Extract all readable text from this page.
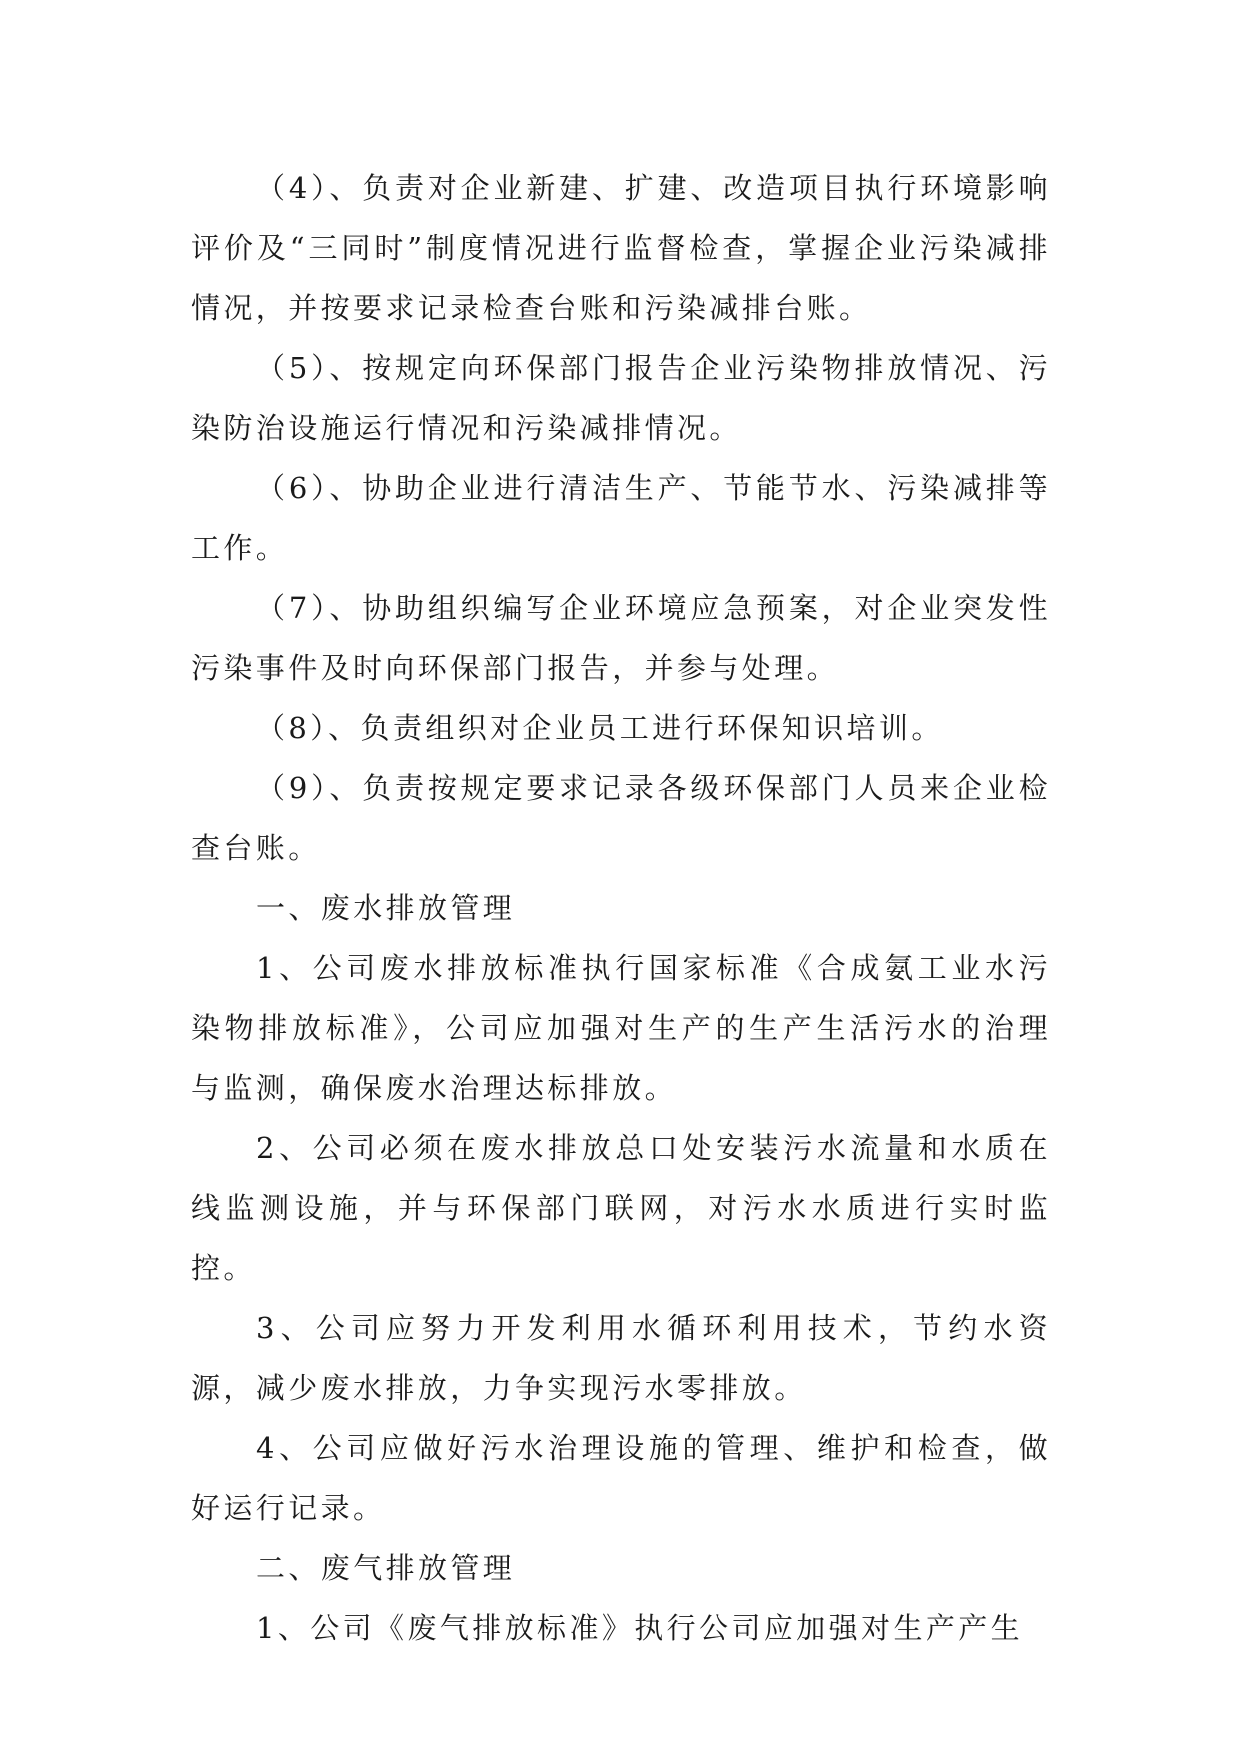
（4）、负责对企业新建、扩建、改造项目执行环境影响评价及“三同时”制度情况进行监督检查，掌握企业污染减排情况，并按要求记录检查台账和污染减排台账。

（5）、按规定向环保部门报告企业污染物排放情况、污染防治设施运行情况和污染减排情况。

（6）、协助企业进行清洁生产、节能节水、污染减排等工作。

（7）、协助组织编写企业环境应急预案，对企业突发性污染事件及时向环保部门报告，并参与处理。

（8）、负责组织对企业员工进行环保知识培训。

（9）、负责按规定要求记录各级环保部门人员来企业检查台账。

一、废水排放管理

1、公司废水排放标准执行国家标准《合成氨工业水污染物排放标准》，公司应加强对生产的生产生活污水的治理与监测，确保废水治理达标排放。

2、公司必须在废水排放总口处安装污水流量和水质在线监测设施，并与环保部门联网，对污水水质进行实时监控。

3、公司应努力开发利用水循环利用技术，节约水资源，减少废水排放，力争实现污水零排放。

4、公司应做好污水治理设施的管理、维护和检查，做好运行记录。

二、废气排放管理

1、公司《废气排放标准》执行公司应加强对生产产生
